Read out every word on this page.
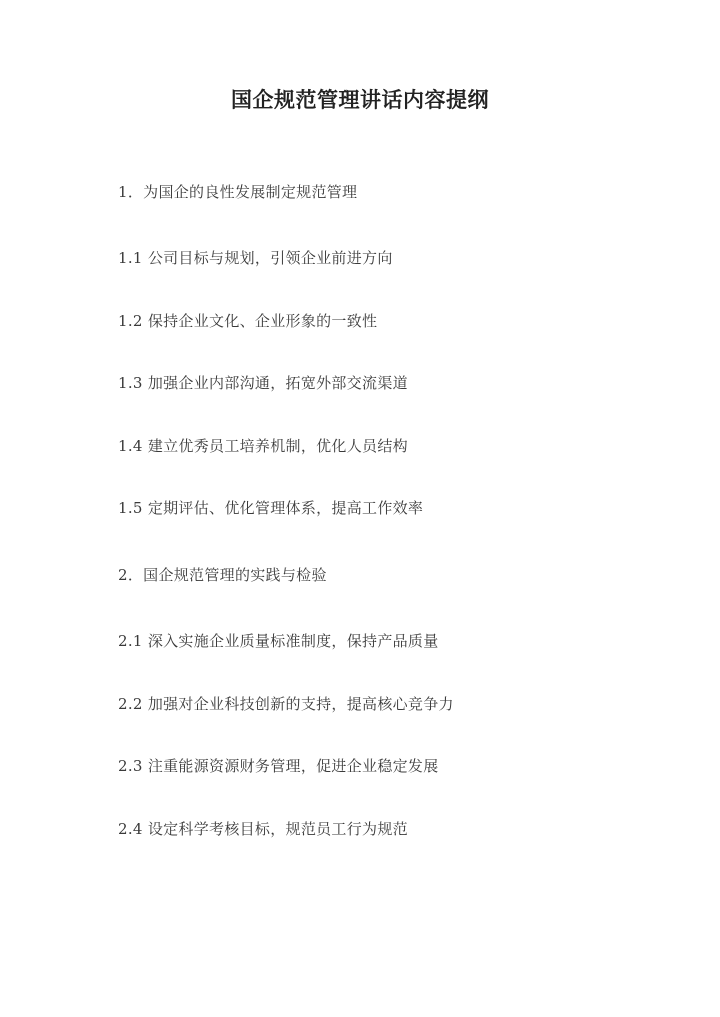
国企规范管理讲话内容提纲

1．为国企的良性发展制定规范管理

1.1 公司目标与规划，引领企业前进方向

1.2 保持企业文化、企业形象的一致性

1.3 加强企业内部沟通，拓宽外部交流渠道

1.4 建立优秀员工培养机制，优化人员结构

1.5 定期评估、优化管理体系，提高工作效率

2．国企规范管理的实践与检验

2.1 深入实施企业质量标准制度，保持产品质量

2.2 加强对企业科技创新的支持，提高核心竞争力

2.3 注重能源资源财务管理，促进企业稳定发展

2.4 设定科学考核目标，规范员工行为规范
